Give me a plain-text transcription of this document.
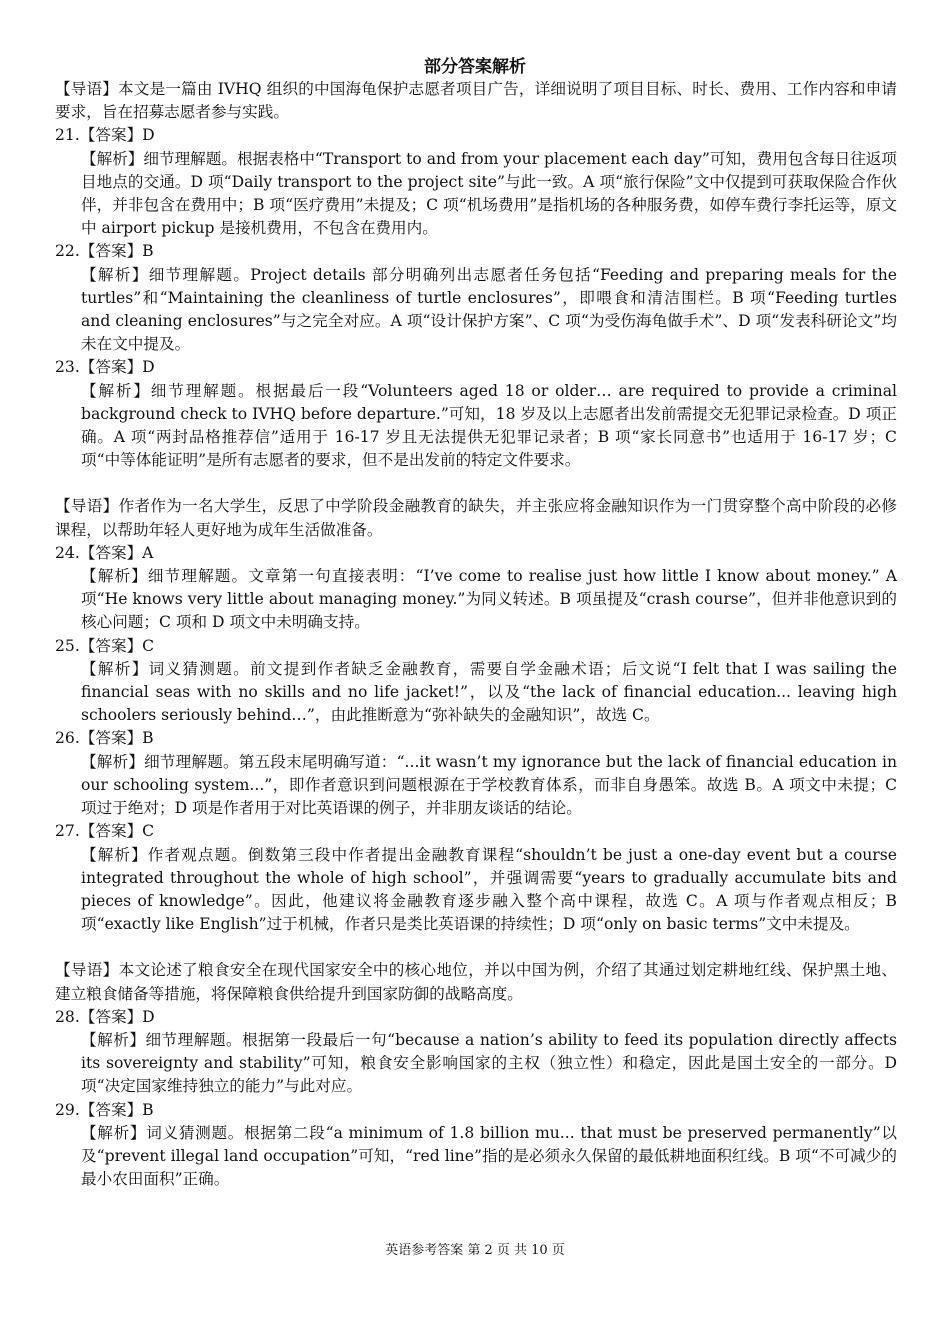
部分答案解析

【导语】本文是一篇由 IVHQ 组织的中国海龟保护志愿者项目广告，详细说明了项目目标、时长、费用、工作内容和申请要求，旨在招募志愿者参与实践。

21.【答案】D

【解析】细节理解题。根据表格中“Transport to and from your placement each day”可知，费用包含每日往返项目地点的交通。D 项“Daily transport to the project site”与此一致。A 项“旅行保险”文中仅提到可获取保险合作伙伴，并非包含在费用中；B 项“医疗费用”未提及；C 项“机场费用”是指机场的各种服务费，如停车费行李托运等，原文中 airport pickup 是接机费用，不包含在费用内。

22.【答案】B

【解析】细节理解题。Project details 部分明确列出志愿者任务包括“Feeding and preparing meals for the turtles”和“Maintaining the cleanliness of turtle enclosures”，即喂食和清洁围栏。B 项“Feeding turtles and cleaning enclosures”与之完全对应。A 项“设计保护方案”、C 项“为受伤海龟做手术”、D 项“发表科研论文”均未在文中提及。

23.【答案】D

【解析】细节理解题。根据最后一段“Volunteers aged 18 or older… are required to provide a criminal background check to IVHQ before departure.”可知，18 岁及以上志愿者出发前需提交无犯罪记录检查。D 项正确。A 项“两封品格推荐信”适用于 16-17 岁且无法提供无犯罪记录者；B 项“家长同意书”也适用于 16-17 岁；C 项“中等体能证明”是所有志愿者的要求，但不是出发前的特定文件要求。

【导语】作者作为一名大学生，反思了中学阶段金融教育的缺失，并主张应将金融知识作为一门贯穿整个高中阶段的必修课程，以帮助年轻人更好地为成年生活做准备。

24.【答案】A

【解析】细节理解题。文章第一句直接表明：“I’ve come to realise just how little I know about money.” A 项“He knows very little about managing money.”为同义转述。B 项虽提及“crash course”，但并非他意识到的核心问题；C 项和 D 项文中未明确支持。

25.【答案】C

【解析】词义猜测题。前文提到作者缺乏金融教育，需要自学金融术语；后文说“I felt that I was sailing the financial seas with no skills and no life jacket!”，以及“the lack of financial education... leaving high schoolers seriously behind…”，由此推断意为“弥补缺失的金融知识”，故选 C。

26.【答案】B

【解析】细节理解题。第五段末尾明确写道：“...it wasn’t my ignorance but the lack of financial education in our schooling system...”，即作者意识到问题根源在于学校教育体系，而非自身愚笨。故选 B。A 项文中未提；C 项过于绝对；D 项是作者用于对比英语课的例子，并非朋友谈话的结论。

27.【答案】C

【解析】作者观点题。倒数第三段中作者提出金融教育课程“shouldn’t be just a one-day event but a course integrated throughout the whole of high school”，并强调需要“years to gradually accumulate bits and pieces of knowledge”。因此，他建议将金融教育逐步融入整个高中课程，故选 C。A 项与作者观点相反；B 项“exactly like English”过于机械，作者只是类比英语课的持续性；D 项“only on basic terms”文中未提及。

【导语】本文论述了粮食安全在现代国家安全中的核心地位，并以中国为例，介绍了其通过划定耕地红线、保护黑土地、建立粮食储备等措施，将保障粮食供给提升到国家防御的战略高度。

28.【答案】D

【解析】细节理解题。根据第一段最后一句“because a nation’s ability to feed its population directly affects its sovereignty and stability”可知，粮食安全影响国家的主权（独立性）和稳定，因此是国土安全的一部分。D 项“决定国家维持独立的能力”与此对应。

29.【答案】B

【解析】词义猜测题。根据第二段“a minimum of 1.8 billion mu... that must be preserved permanently”以及“prevent illegal land occupation”可知，“red line”指的是必须永久保留的最低耕地面积红线。B 项“不可减少的最小农田面积”正确。

英语参考答案 第 2 页 共 10 页
